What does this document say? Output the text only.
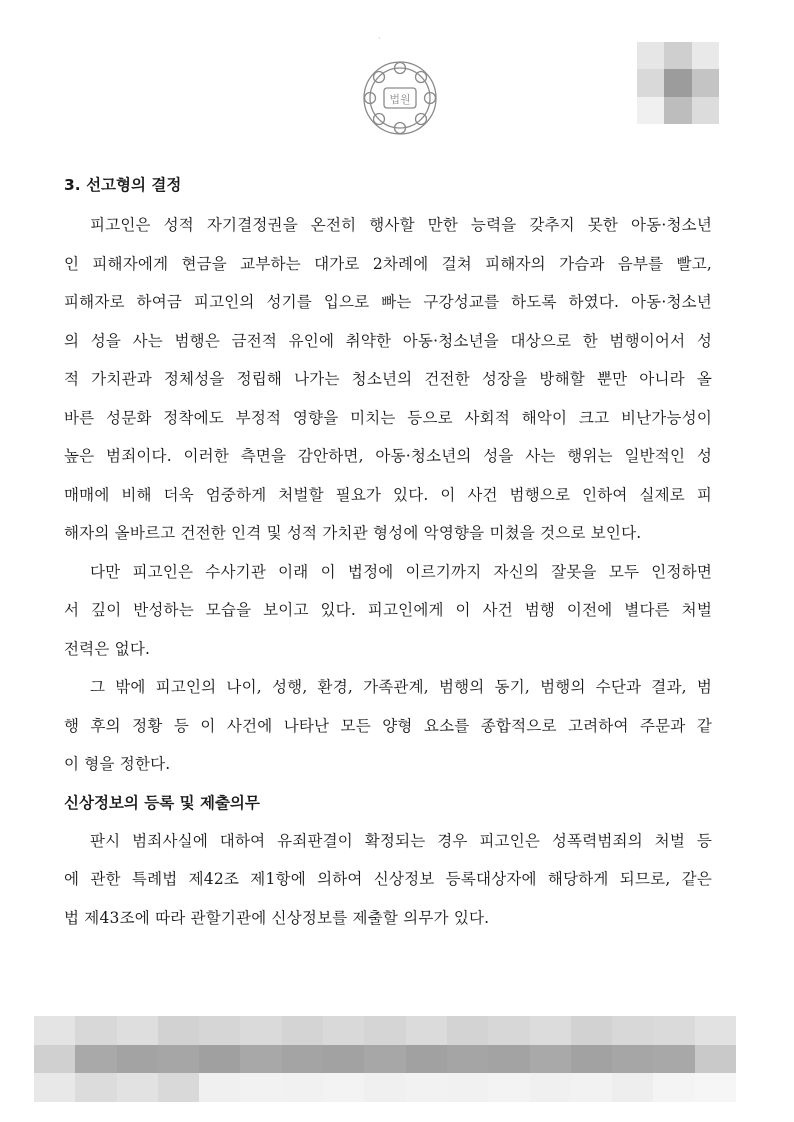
·
법원
3. 선고형의 결정

피고인은 성적 자기결정권을 온전히 행사할 만한 능력을 갖추지 못한 아동·청소년
인 피해자에게 현금을 교부하는 대가로 2차례에 걸쳐 피해자의 가슴과 음부를 빨고,
피해자로 하여금 피고인의 성기를 입으로 빠는 구강성교를 하도록 하였다. 아동·청소년
의 성을 사는 범행은 금전적 유인에 취약한 아동·청소년을 대상으로 한 범행이어서 성
적 가치관과 정체성을 정립해 나가는 청소년의 건전한 성장을 방해할 뿐만 아니라 올
바른 성문화 정착에도 부정적 영향을 미치는 등으로 사회적 해악이 크고 비난가능성이
높은 범죄이다. 이러한 측면을 감안하면, 아동·청소년의 성을 사는 행위는 일반적인 성
매매에 비해 더욱 엄중하게 처벌할 필요가 있다. 이 사건 범행으로 인하여 실제로 피
해자의 올바르고 건전한 인격 및 성적 가치관 형성에 악영향을 미쳤을 것으로 보인다.

다만 피고인은 수사기관 이래 이 법정에 이르기까지 자신의 잘못을 모두 인정하면
서 깊이 반성하는 모습을 보이고 있다. 피고인에게 이 사건 범행 이전에 별다른 처벌
전력은 없다.

그 밖에 피고인의 나이, 성행, 환경, 가족관계, 범행의 동기, 범행의 수단과 결과, 범
행 후의 정황 등 이 사건에 나타난 모든 양형 요소를 종합적으로 고려하여 주문과 같
이 형을 정한다.

신상정보의 등록 및 제출의무

판시 범죄사실에 대하여 유죄판결이 확정되는 경우 피고인은 성폭력범죄의 처벌 등
에 관한 특례법 제42조 제1항에 의하여 신상정보 등록대상자에 해당하게 되므로, 같은
법 제43조에 따라 관할기관에 신상정보를 제출할 의무가 있다.
